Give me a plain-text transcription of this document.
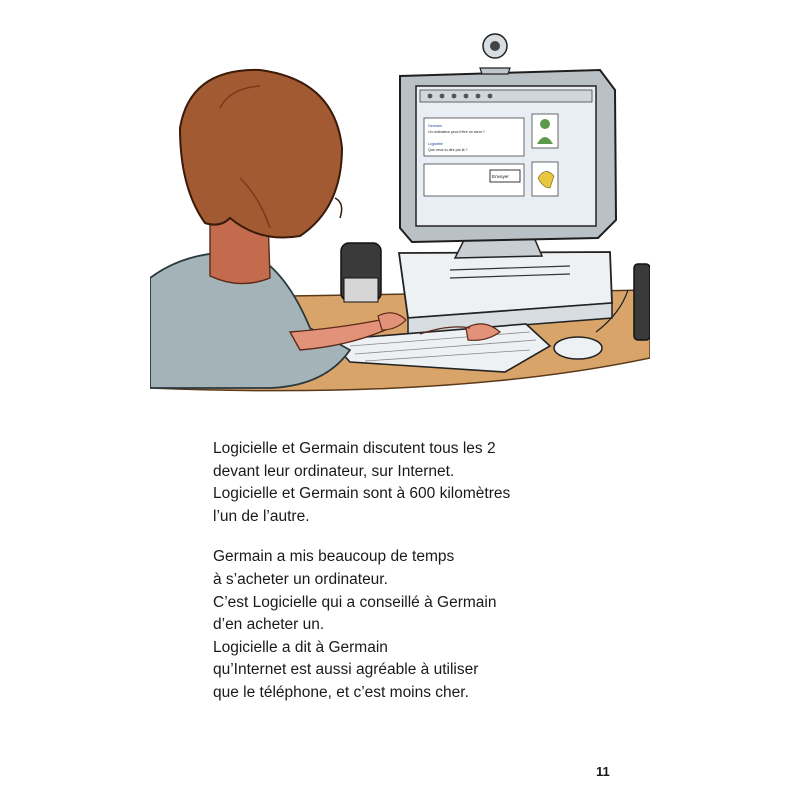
Germain
Un ordinateur peut-il être un tueur ?
Logicielle
Que veux-tu dire par là ?
Envoyer

Logicielle et Germain discutent tous les 2
devant leur ordinateur, sur Internet.
Logicielle et Germain sont à 600 kilomètres
l’un de l’autre.

Germain a mis beaucoup de temps
à s’acheter un ordinateur.
C’est Logicielle qui a conseillé à Germain
d’en acheter un.
Logicielle a dit à Germain
qu’Internet est aussi agréable à utiliser
que le téléphone, et c’est moins cher.

11
